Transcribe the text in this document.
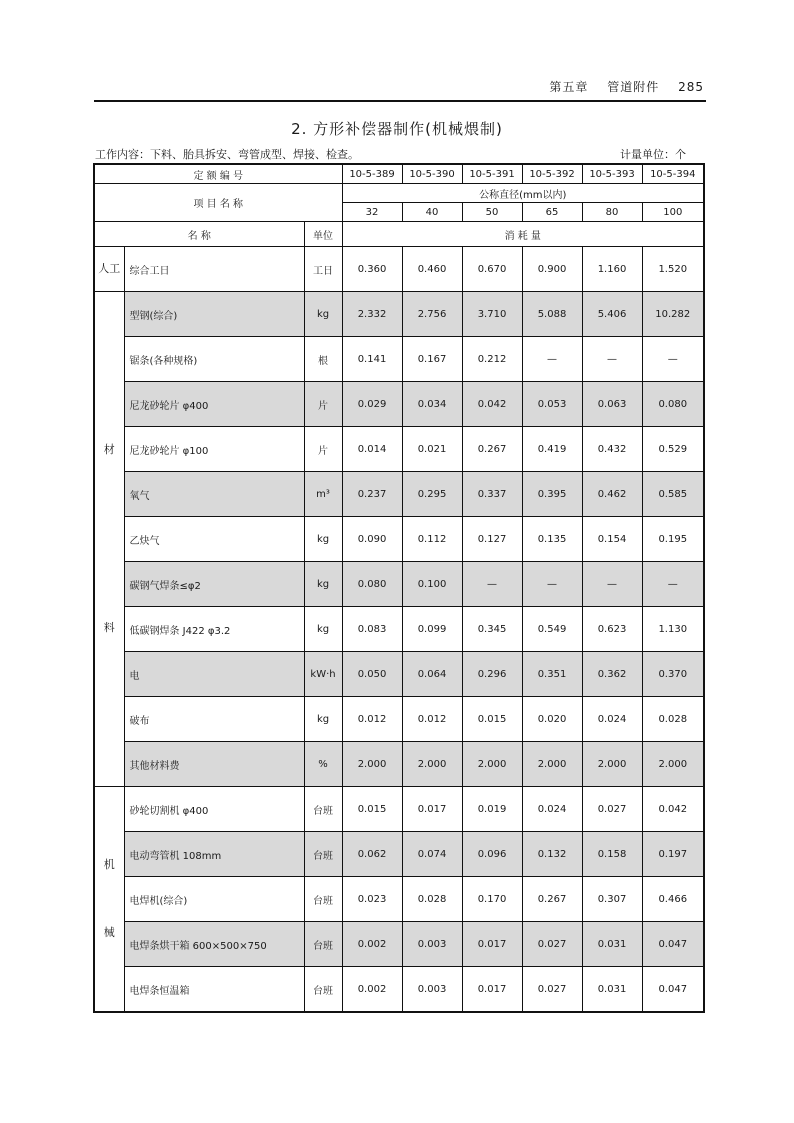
第五章 管道附件 285
2. 方形补偿器制作(机械煨制)
工作内容：下料、胎具拆安、弯管成型、焊接、检查。	计量单位：个
定 额 编 号			10-5-389	10-5-390	10-5-391	10-5-392	10-5-393	10-5-394
项 目 名 称			公称直径(mm以内)					
			32	40	50	65	80	100
名 称		单位	消 耗 量					
人工	综合工日	工日	0.360	0.460	0.670	0.900	1.160	1.520

材
料	型钢(综合)	kg	2.332	2.756	3.710	5.088	5.406	10.282
	锯条(各种规格)	根	0.141	0.167	0.212	—	—	—
	尼龙砂轮片 φ400	片	0.029	0.034	0.042	0.053	0.063	0.080
	尼龙砂轮片 φ100	片	0.014	0.021	0.267	0.419	0.432	0.529
	氧气	m³	0.237	0.295	0.337	0.395	0.462	0.585
	乙炔气	kg	0.090	0.112	0.127	0.135	0.154	0.195
	碳钢气焊条≤φ2	kg	0.080	0.100	—	—	—	—
	低碳钢焊条 J422 φ3.2	kg	0.083	0.099	0.345	0.549	0.623	1.130
	电	kW·h	0.050	0.064	0.296	0.351	0.362	0.370
	破布	kg	0.012	0.012	0.015	0.020	0.024	0.028
	其他材料费	%	2.000	2.000	2.000	2.000	2.000	2.000

机
械	砂轮切割机 φ400	台班	0.015	0.017	0.019	0.024	0.027	0.042
	电动弯管机 108mm	台班	0.062	0.074	0.096	0.132	0.158	0.197
	电焊机(综合)	台班	0.023	0.028	0.170	0.267	0.307	0.466
	电焊条烘干箱 600×500×750	台班	0.002	0.003	0.017	0.027	0.031	0.047
	电焊条恒温箱	台班	0.002	0.003	0.017	0.027	0.031	0.047
